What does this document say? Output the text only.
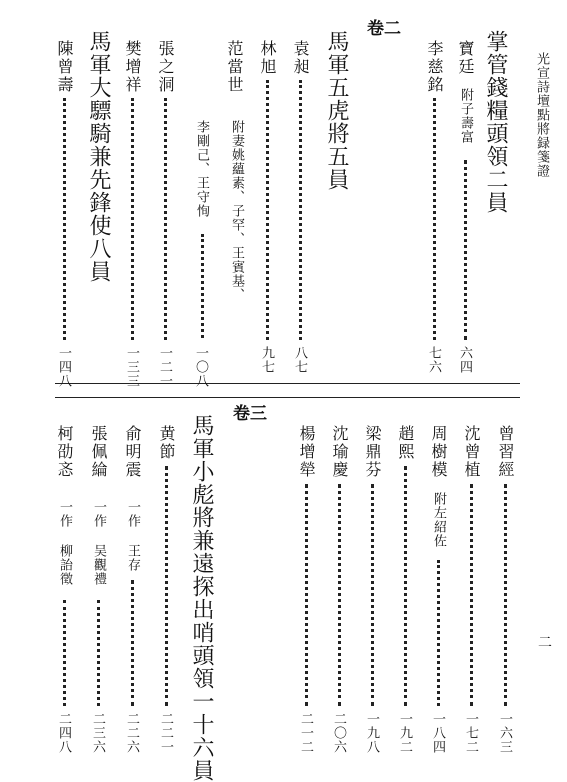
光宣詩壇點將録箋證
二
卷二
掌管錢糧頭領二員
寶廷
附子壽富
六四
李慈銘
七六
馬軍五虎將五員
袁昶
八七
林旭
九七
范當世
附妻姚蘊素、子罕、王賓基、
李剛己、王守恂
一〇八
張之洞
一二一
樊增祥
一三三
馬軍大驃騎兼先鋒使八員
陳曾壽
一四八
卷三
曾習經
一六三
沈曾植
一七二
周樹模
附左紹佐
一八四
趙熙
一九二
梁鼎芬
一九八
沈瑜慶
二〇六
楊增犖
二一二
馬軍小彪將兼遠探出哨頭領一十六員
黄節
二二一
俞明震
一作 王存
二二六
張佩綸
一作 吴觀禮
二三六
柯劭忞
一作 柳詒徵
二四八
